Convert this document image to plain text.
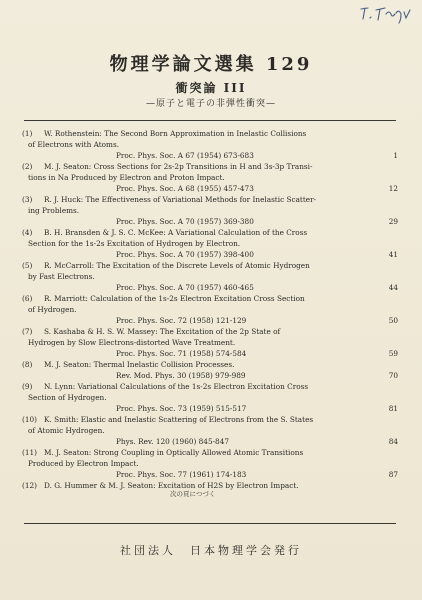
物理学論文選集 129
衝突論 III
—原子と電子の非弾性衝突—
(1) W. Rothenstein: The Second Born Approximation in Inelastic Collisions
of Electrons with Atoms.
Proc. Phys. Soc. A 67 (1954) 673-683	1
(2) M. J. Seaton: Cross Sections for 2s-2p Transitions in H and 3s-3p Transi-
tions in Na Produced by Electron and Proton Impact.
Proc. Phys. Soc. A 68 (1955) 457-473	12
(3) R. J. Huck: The Effectiveness of Variational Methods for Inelastic Scatter-
ing Problems.
Proc. Phys. Soc. A 70 (1957) 369-380	29
(4) B. H. Bransden & J. S. C. McKee: A Variational Calculation of the Cross
Section for the 1s-2s Excitation of Hydrogen by Electron.
Proc. Phys. Soc. A 70 (1957) 398-400	41
(5) R. McCarroll: The Excitation of the Discrete Levels of Atomic Hydrogen
by Fast Electrons.
Proc. Phys. Soc. A 70 (1957) 460-465	44
(6) R. Marriott: Calculation of the 1s-2s Electron Excitation Cross Section
of Hydrogen.
Proc. Phys. Soc. 72 (1958) 121-129	50
(7) S. Kashaba & H. S. W. Massey: The Excitation of the 2p State of
Hydrogen by Slow Electrons-distorted Wave Treatment.
Proc. Phys. Soc. 71 (1958) 574-584	59
(8) M. J. Seaton: Thermal Inelastic Collision Processes.
Rev. Mod. Phys. 30 (1958) 979-989	70
(9) N. Lynn: Variational Calculations of the 1s-2s Electron Excitation Cross
Section of Hydrogen.
Proc. Phys. Soc. 73 (1959) 515-517	81
(10) K. Smith: Elastic and Inelastic Scattering of Electrons from the S. States
of Atomic Hydrogen.
Phys. Rev. 120 (1960) 845-847	84
(11) M. J. Seaton: Strong Coupling in Optically Allowed Atomic Transitions
Produced by Electron Impact.
Proc. Phys. Soc. 77 (1961) 174-183	87
(12) D. G. Hummer & M. J. Seaton: Excitation of H2S by Electron Impact.
次の頁につづく
社団法人　日本物理学会発行
